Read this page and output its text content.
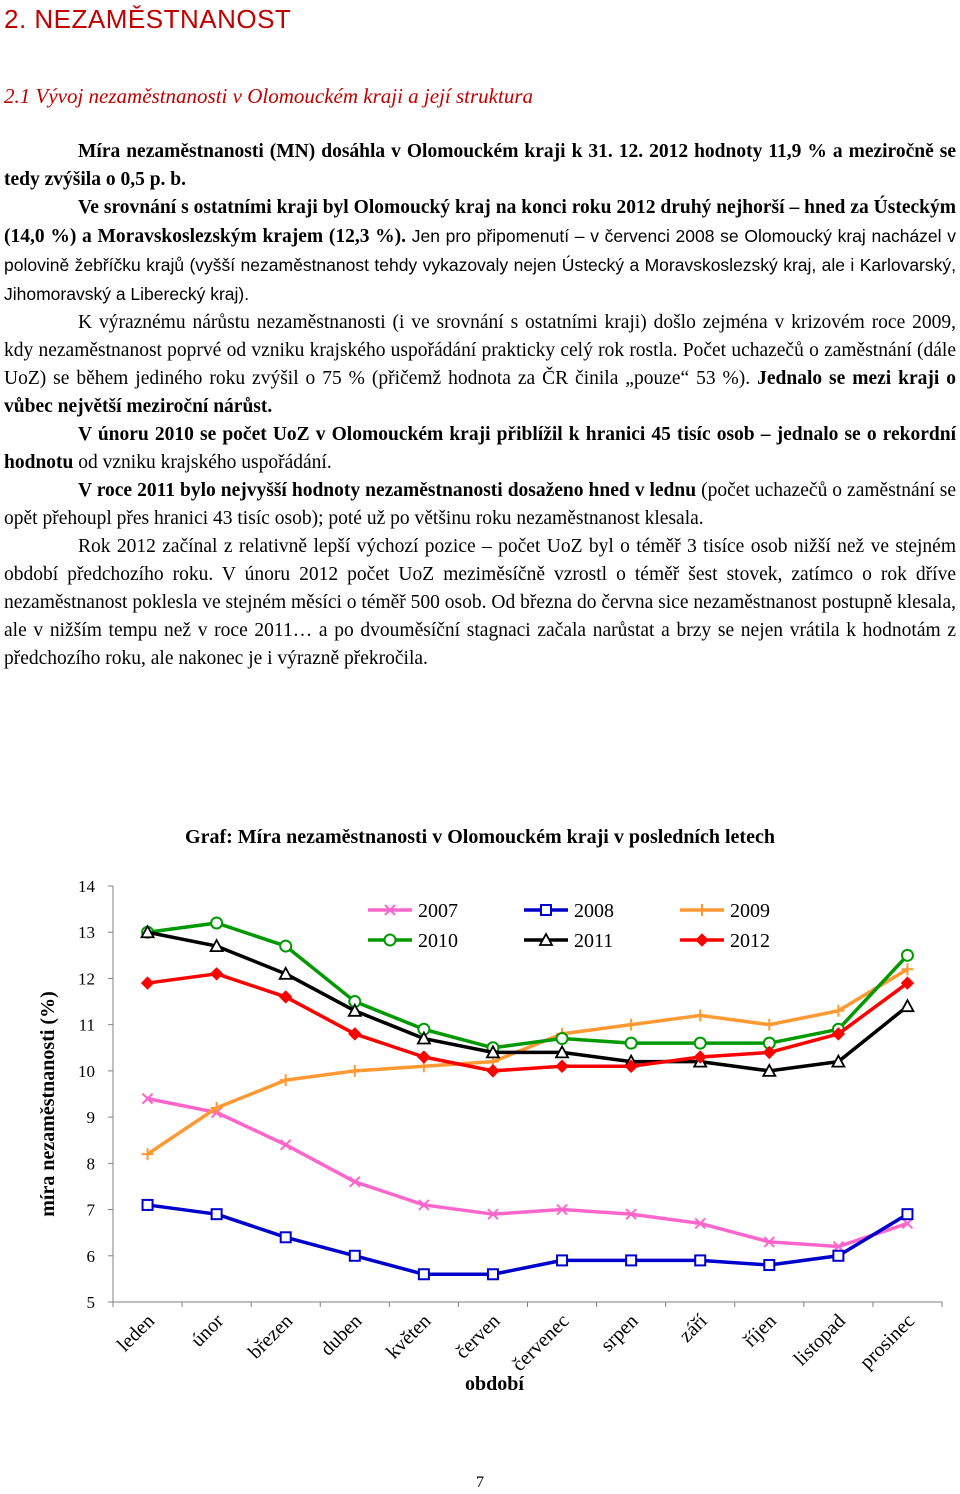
2. NEZAMĚSTNANOST
2.1 Vývoj nezaměstnanosti v Olomouckém kraji a její struktura

Míra nezaměstnanosti (MN) dosáhla v Olomouckém kraji k 31. 12. 2012 hodnoty 11,9 % a meziročně se tedy zvýšila o 0,5 p. b.

Ve srovnání s ostatními kraji byl Olomoucký kraj na konci roku 2012 druhý nejhorší – hned za Ústeckým (14,0 %) a Moravskoslezským krajem (12,3 %). Jen pro připomenutí – v červenci 2008 se Olomoucký kraj nacházel v polovině žebříčku krajů (vyšší nezaměstnanost tehdy vykazovaly nejen Ústecký a Moravskoslezský kraj, ale i Karlovarský, Jihomoravský a Liberecký kraj).

K výraznému nárůstu nezaměstnanosti (i ve srovnání s ostatními kraji) došlo zejména v krizovém roce 2009, kdy nezaměstnanost poprvé od vzniku krajského uspořádání prakticky celý rok rostla. Počet uchazečů o zaměstnání (dále UoZ) se během jediného roku zvýšil o 75 % (přičemž hodnota za ČR činila „pouze“ 53 %). Jednalo se mezi kraji o vůbec největší meziroční nárůst.

V únoru 2010 se počet UoZ v Olomouckém kraji přiblížil k hranici 45 tisíc osob – jednalo se o rekordní hodnotu od vzniku krajského uspořádání.

V roce 2011 bylo nejvyšší hodnoty nezaměstnanosti dosaženo hned v lednu (počet uchazečů o zaměstnání se opět přehoupl přes hranici 43 tisíc osob); poté už po většinu roku nezaměstnanost klesala.

Rok 2012 začínal z relativně lepší výchozí pozice – počet UoZ byl o téměř 3 tisíce osob nižší než ve stejném období předchozího roku. V únoru 2012 počet UoZ meziměsíčně vzrostl o téměř šest stovek, zatímco o rok dříve nezaměstnanost poklesla ve stejném měsíci o téměř 500 osob. Od března do června sice nezaměstnanost postupně klesala, ale v nižším tempu než v roce 2011… a po dvouměsíční stagnaci začala narůstat a brzy se nejen vrátila k hodnotám z předchozího roku, ale nakonec je i výrazně překročila.

Graf: Míra nezaměstnanosti v Olomouckém kraji v posledních letech
5
6
7
8
9
10
11
12
13
14
leden únor březen duben květen červen červenec srpen září říjen listopad prosinec
míra nezaměstnanosti (%)
období
2007	2008	2009
2010	2011	2012
7
